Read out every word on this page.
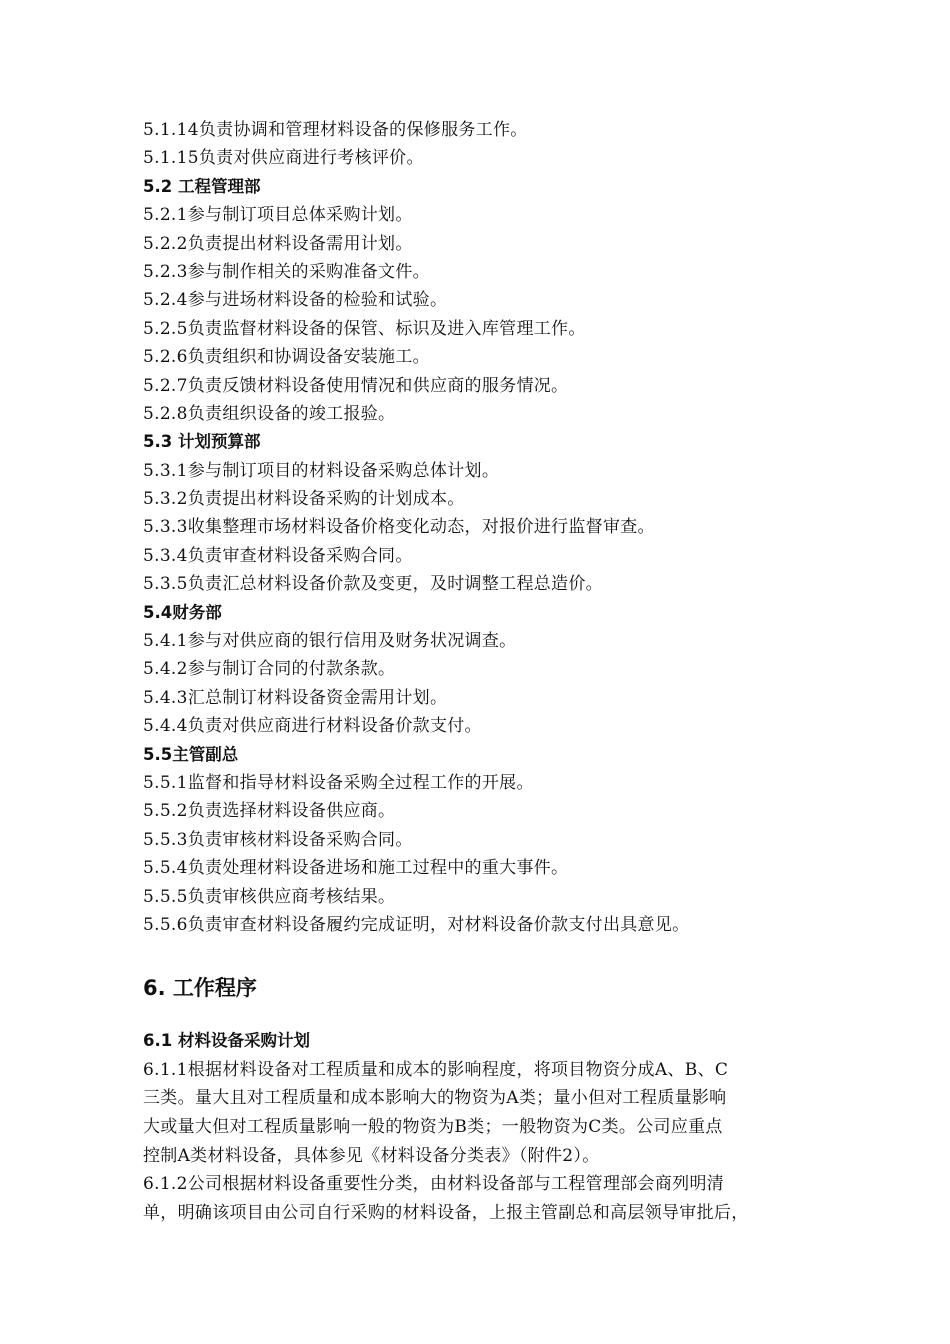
5.1.14负责协调和管理材料设备的保修服务工作。
5.1.15负责对供应商进行考核评价。
5.2 工程管理部
5.2.1参与制订项目总体采购计划。
5.2.2负责提出材料设备需用计划。
5.2.3参与制作相关的采购准备文件。
5.2.4参与进场材料设备的检验和试验。
5.2.5负责监督材料设备的保管、标识及进入库管理工作。
5.2.6负责组织和协调设备安装施工。
5.2.7负责反馈材料设备使用情况和供应商的服务情况。
5.2.8负责组织设备的竣工报验。
5.3 计划预算部
5.3.1参与制订项目的材料设备采购总体计划。
5.3.2负责提出材料设备采购的计划成本。
5.3.3收集整理市场材料设备价格变化动态，对报价进行监督审查。
5.3.4负责审查材料设备采购合同。
5.3.5负责汇总材料设备价款及变更，及时调整工程总造价。
5.4财务部
5.4.1参与对供应商的银行信用及财务状况调查。
5.4.2参与制订合同的付款条款。
5.4.3汇总制订材料设备资金需用计划。
5.4.4负责对供应商进行材料设备价款支付。
5.5主管副总
5.5.1监督和指导材料设备采购全过程工作的开展。
5.5.2负责选择材料设备供应商。
5.5.3负责审核材料设备采购合同。
5.5.4负责处理材料设备进场和施工过程中的重大事件。
5.5.5负责审核供应商考核结果。
5.5.6负责审查材料设备履约完成证明，对材料设备价款支付出具意见。
6. 工作程序
6.1 材料设备采购计划
6.1.1根据材料设备对工程质量和成本的影响程度，将项目物资分成A、B、C
三类。量大且对工程质量和成本影响大的物资为A类；量小但对工程质量影响
大或量大但对工程质量影响一般的物资为B类；一般物资为C类。公司应重点
控制A类材料设备，具体参见《材料设备分类表》（附件2）。
6.1.2公司根据材料设备重要性分类，由材料设备部与工程管理部会商列明清
单，明确该项目由公司自行采购的材料设备，上报主管副总和高层领导审批后，
